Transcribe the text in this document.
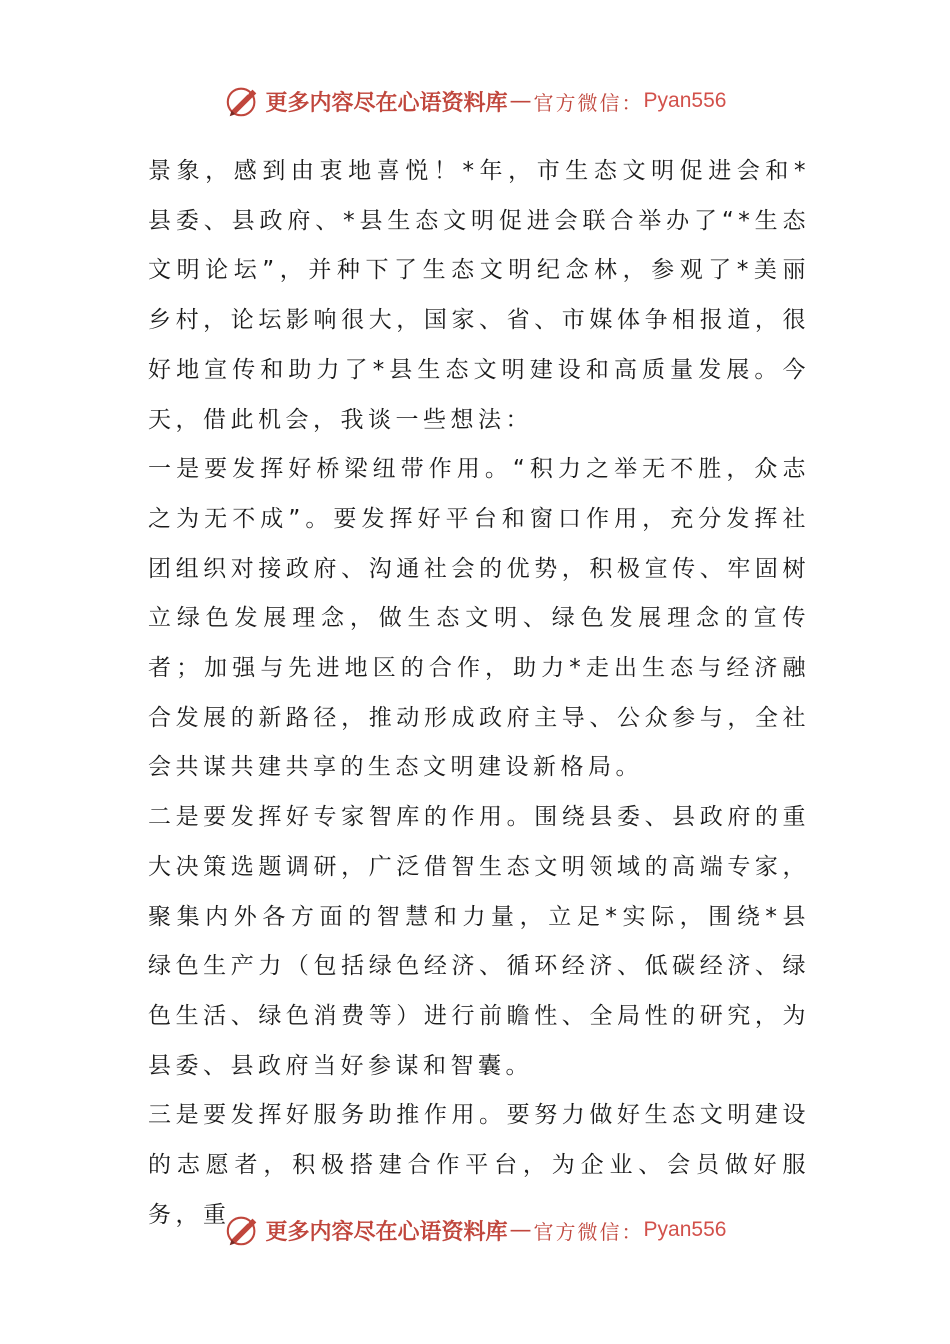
更多内容尽在心语资料库 — 官方微信： Pyan556

景象，感到由衷地喜悦！*年，市生态文明促进会和*县委、县政府、*县生态文明促进会联合举办了“*生态文明论坛”，并种下了生态文明纪念林，参观了*美丽乡村，论坛影响很大，国家、省、市媒体争相报道，很好地宣传和助力了*县生态文明建设和高质量发展。今天，借此机会，我谈一些想法：

一是要发挥好桥梁纽带作用。“积力之举无不胜，众志之为无不成”。要发挥好平台和窗口作用，充分发挥社团组织对接政府、沟通社会的优势，积极宣传、牢固树立绿色发展理念，做生态文明、绿色发展理念的宣传者；加强与先进地区的合作，助力*走出生态与经济融合发展的新路径，推动形成政府主导、公众参与，全社会共谋共建共享的生态文明建设新格局。

二是要发挥好专家智库的作用。围绕县委、县政府的重大决策选题调研，广泛借智生态文明领域的高端专家，聚集内外各方面的智慧和力量，立足*实际，围绕*县绿色生产力（包括绿色经济、循环经济、低碳经济、绿色生活、绿色消费等）进行前瞻性、全局性的研究，为县委、县政府当好参谋和智囊。

三是要发挥好服务助推作用。要努力做好生态文明建设的志愿者，积极搭建合作平台，为企业、会员做好服务，重

更多内容尽在心语资料库 — 官方微信： Pyan556
